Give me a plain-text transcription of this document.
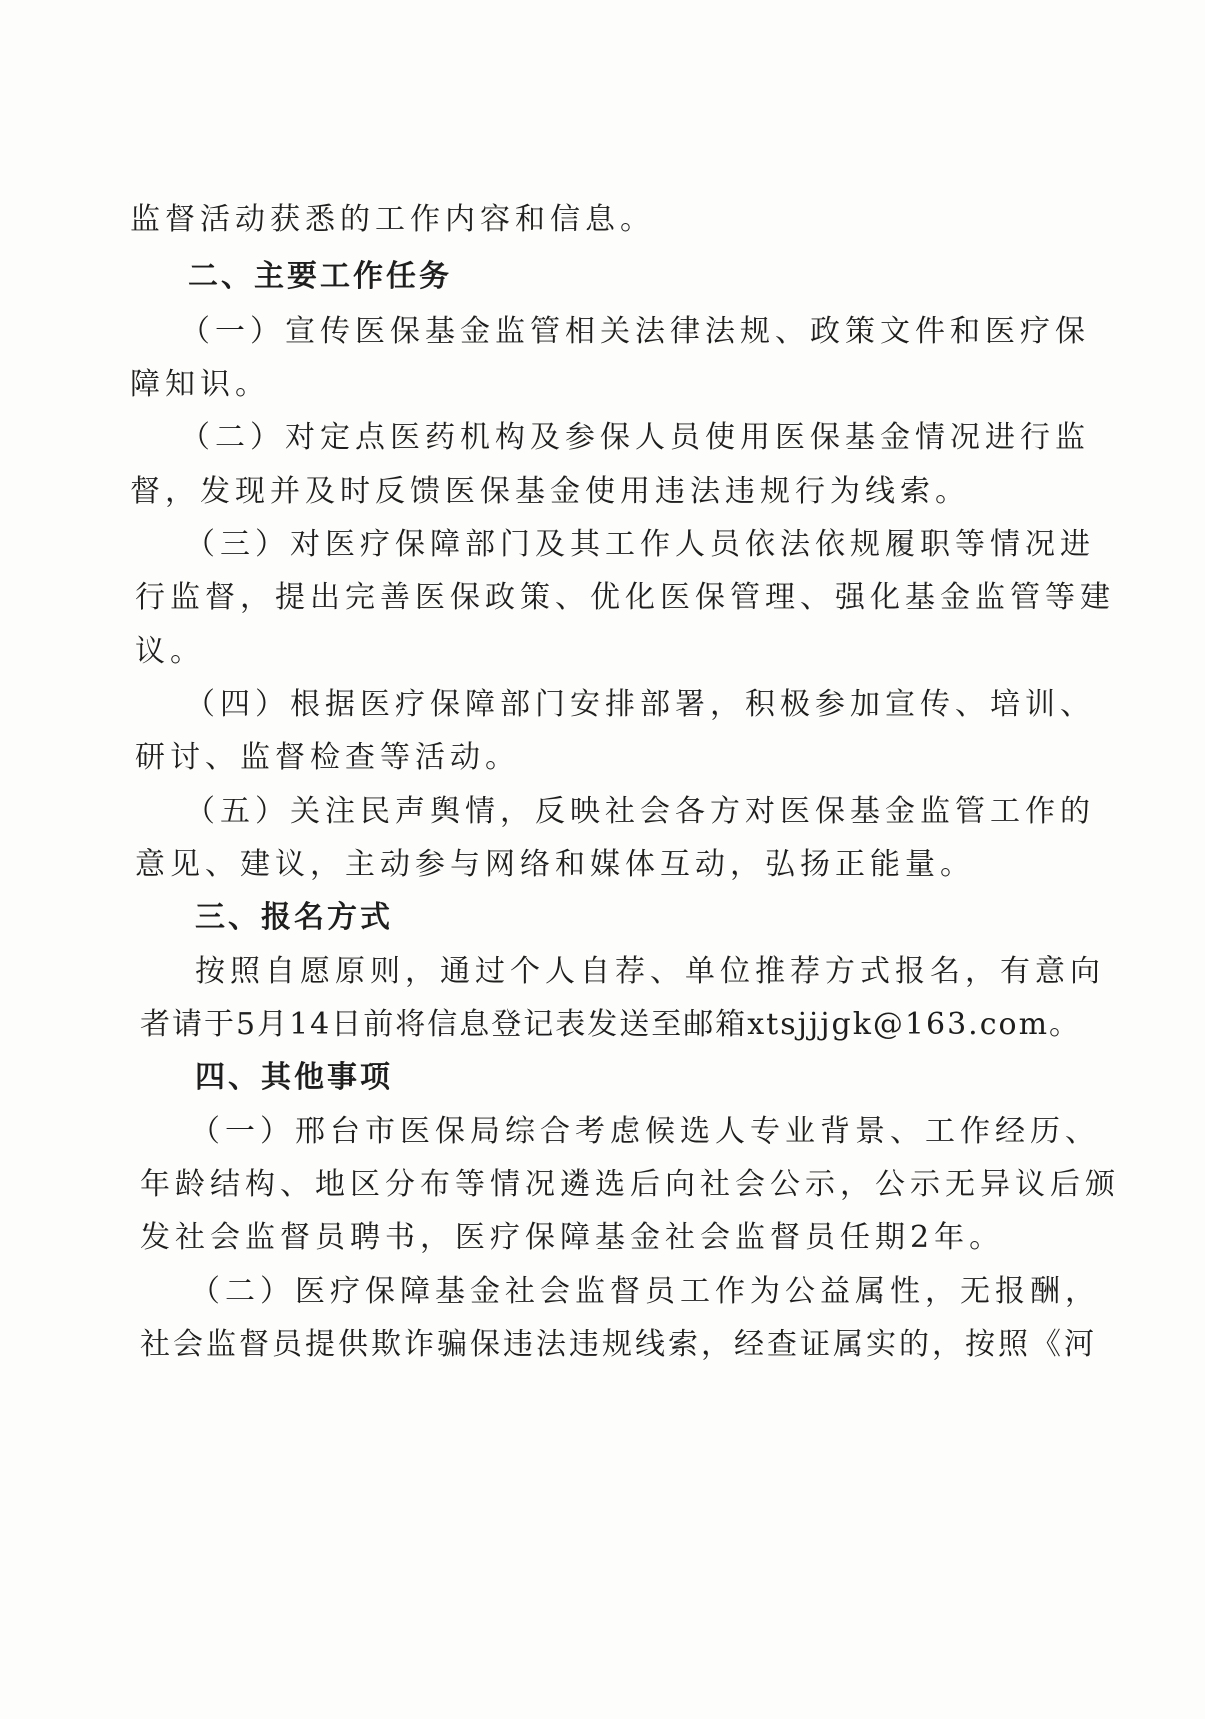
监督活动获悉的工作内容和信息。
二、主要工作任务
（一）宣传医保基金监管相关法律法规、政策文件和医疗保
障知识。
（二）对定点医药机构及参保人员使用医保基金情况进行监
督，发现并及时反馈医保基金使用违法违规行为线索。
（三）对医疗保障部门及其工作人员依法依规履职等情况进
行监督，提出完善医保政策、优化医保管理、强化基金监管等建
议。
（四）根据医疗保障部门安排部署，积极参加宣传、培训、
研讨、监督检查等活动。
（五）关注民声舆情，反映社会各方对医保基金监管工作的
意见、建议，主动参与网络和媒体互动，弘扬正能量。
三、报名方式
按照自愿原则，通过个人自荐、单位推荐方式报名，有意向
者请于5月14日前将信息登记表发送至邮箱xtsjjjgk@163.com。
四、其他事项
（一）邢台市医保局综合考虑候选人专业背景、工作经历、
年龄结构、地区分布等情况遴选后向社会公示，公示无异议后颁
发社会监督员聘书，医疗保障基金社会监督员任期2年。
（二）医疗保障基金社会监督员工作为公益属性，无报酬，
社会监督员提供欺诈骗保违法违规线索，经查证属实的，按照《河
